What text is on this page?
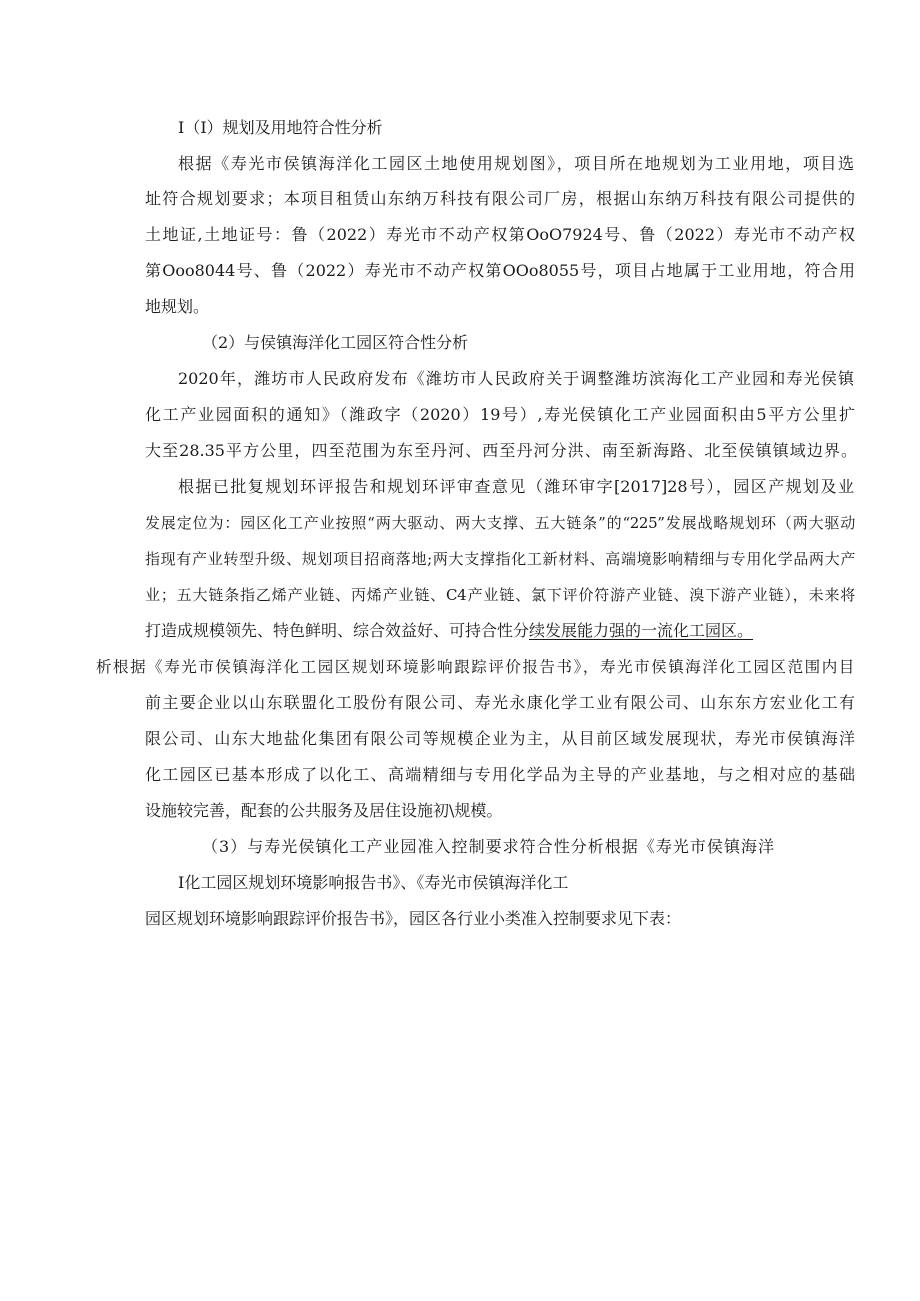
I（I）规划及用地符合性分析
根据《寿光市侯镇海洋化工园区土地使用规划图》，项目所在地规划为工业用地，项目选
址符合规划要求；本项目租赁山东纳万科技有限公司厂房，根据山东纳万科技有限公司提供的
土地证,土地证号：鲁（2022）寿光市不动产权第OoO7924号、鲁（2022）寿光市不动产权
第Ooo8044号、鲁（2022）寿光市不动产权第OOo8055号，项目占地属于工业用地，符合用
地规划。
（2）与侯镇海洋化工园区符合性分析
2020年，潍坊市人民政府发布《潍坊市人民政府关于调整潍坊滨海化工产业园和寿光侯镇
化工产业园面积的通知》（潍政字（2020）19号）,寿光侯镇化工产业园面积由5平方公里扩
大至28.35平方公里，四至范围为东至丹河、西至丹河分洪、南至新海路、北至侯镇镇域边界。
根据已批复规划环评报告和规划环评审查意见（潍环审字[2017]28号），园区产规划及业
发展定位为：园区化工产业按照“两大驱动、两大支撑、五大链条”的“225”发展战略规划环（两大驱动
指现有产业转型升级、规划项目招商落地;两大支撑指化工新材料、高端境影响精细与专用化学品两大产
业；五大链条指乙烯产业链、丙烯产业链、C4产业链、氯下评价符游产业链、溴下游产业链），未来将
打造成规模领先、特色鲜明、综合效益好、可持合性分续发展能力强的一流化工园区。
析根据《寿光市侯镇海洋化工园区规划环境影响跟踪评价报告书》，寿光市侯镇海洋化工园区范围内目
前主要企业以山东联盟化工股份有限公司、寿光永康化学工业有限公司、山东东方宏业化工有
限公司、山东大地盐化集团有限公司等规模企业为主，从目前区域发展现状，寿光市侯镇海洋
化工园区已基本形成了以化工、高端精细与专用化学品为主导的产业基地，与之相对应的基础
设施较完善，配套的公共服务及居住设施初\规模。
（3）与寿光侯镇化工产业园准入控制要求符合性分析根据《寿光市侯镇海洋
I化工园区规划环境影响报告书》、《寿光市侯镇海洋化工
园区规划环境影响跟踪评价报告书》，园区各行业小类准入控制要求见下表：
